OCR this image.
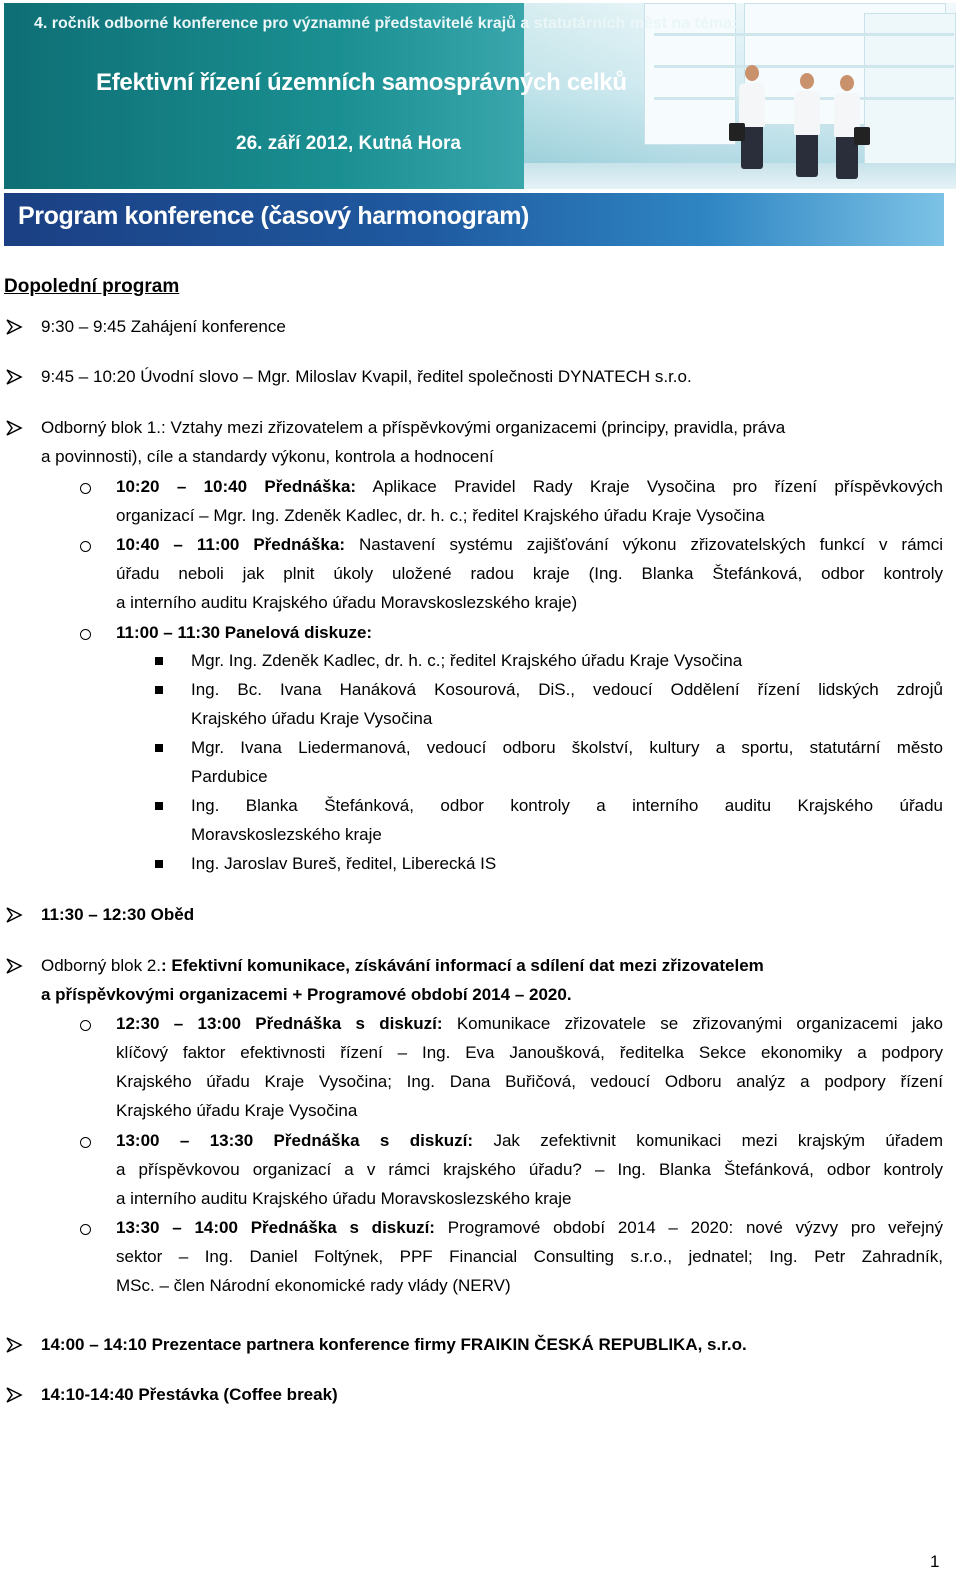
4. ročník odborné konference pro významné představitelé krajů a statutárních měst na téma:
Efektivní řízení územních samosprávných celků
26. září 2012, Kutná Hora
Program konference (časový harmonogram)
Dopolední program
9:30 – 9:45 Zahájení konference
9:45 – 10:20 Úvodní slovo – Mgr. Miloslav Kvapil, ředitel společnosti DYNATECH s.r.o.
Odborný blok 1.: Vztahy mezi zřizovatelem a příspěvkovými organizacemi (principy, pravidla, práva
a povinnosti), cíle a standardy výkonu, kontrola a hodnocení
10:20 – 10:40 Přednáška: Aplikace Pravidel Rady Kraje Vysočina pro řízení příspěvkových
organizací – Mgr. Ing. Zdeněk Kadlec, dr. h. c.; ředitel Krajského úřadu Kraje Vysočina
10:40 – 11:00 Přednáška: Nastavení systému zajišťování výkonu zřizovatelských funkcí v rámci
úřadu neboli jak plnit úkoly uložené radou kraje (Ing. Blanka Štefánková, odbor kontroly
a interního auditu Krajského úřadu Moravskoslezského kraje)
11:00 – 11:30 Panelová diskuze:
Mgr. Ing. Zdeněk Kadlec, dr. h. c.; ředitel Krajského úřadu Kraje Vysočina
Ing. Bc. Ivana Hanáková Kosourová, DiS., vedoucí Oddělení řízení lidských zdrojů
Krajského úřadu Kraje Vysočina
Mgr. Ivana Liedermanová, vedoucí odboru školství, kultury a sportu, statutární město
Pardubice
Ing. Blanka Štefánková, odbor kontroly a interního auditu Krajského úřadu
Moravskoslezského kraje
Ing. Jaroslav Bureš, ředitel, Liberecká IS
11:30 – 12:30 Oběd
Odborný blok 2.: Efektivní komunikace, získávání informací a sdílení dat mezi zřizovatelem
a příspěvkovými organizacemi + Programové období 2014 – 2020.
12:30 – 13:00 Přednáška s diskuzí: Komunikace zřizovatele se zřizovanými organizacemi jako
klíčový faktor efektivnosti řízení – Ing. Eva Janoušková, ředitelka Sekce ekonomiky a podpory
Krajského úřadu Kraje Vysočina; Ing. Dana Buřičová, vedoucí Odboru analýz a podpory řízení
Krajského úřadu Kraje Vysočina
13:00 – 13:30 Přednáška s diskuzí: Jak zefektivnit komunikaci mezi krajským úřadem
a příspěvkovou organizací a v rámci krajského úřadu? – Ing. Blanka Štefánková, odbor kontroly
a interního auditu Krajského úřadu Moravskoslezského kraje
13:30 – 14:00 Přednáška s diskuzí: Programové období 2014 – 2020: nové výzvy pro veřejný
sektor – Ing. Daniel Foltýnek, PPF Financial Consulting s.r.o., jednatel; Ing. Petr Zahradník,
MSc. – člen Národní ekonomické rady vlády (NERV)
14:00 – 14:10 Prezentace partnera konference firmy FRAIKIN ČESKÁ REPUBLIKA, s.r.o.
14:10-14:40 Přestávka (Coffee break)
1
